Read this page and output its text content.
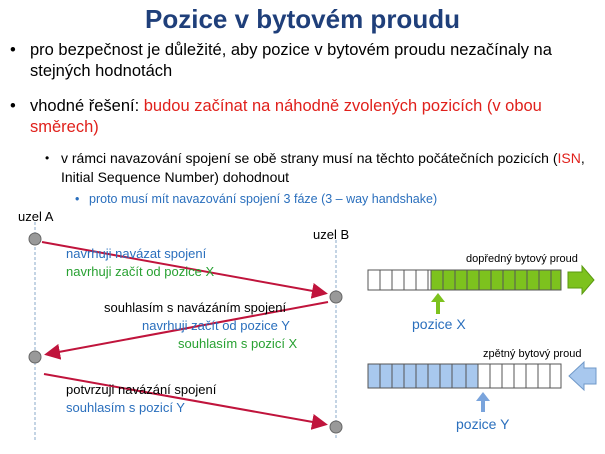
Pozice v bytovém proudu
• pro bezpečnost je důležité, aby pozice v bytovém proudu nezačínaly na stejných hodnotách
• vhodné řešení: budou začínat na náhodně zvolených pozicích (v obou směrech)
• v rámci navazování spojení se obě strany musí na těchto počátečních pozicích (ISN, Initial Sequence Number) dohodnout
• proto musí mít navazování spojení 3 fáze (3 – way handshake)
uzel A
uzel B
navrhuji navázat spojení
navrhuji začít od pozice X
souhlasím s navázáním spojení
navrhuji začít od pozice Y
souhlasím s pozicí X
potvrzuji navázání spojení
souhlasím s pozicí Y
dopředný bytový proud
pozice X
zpětný bytový proud
pozice Y
